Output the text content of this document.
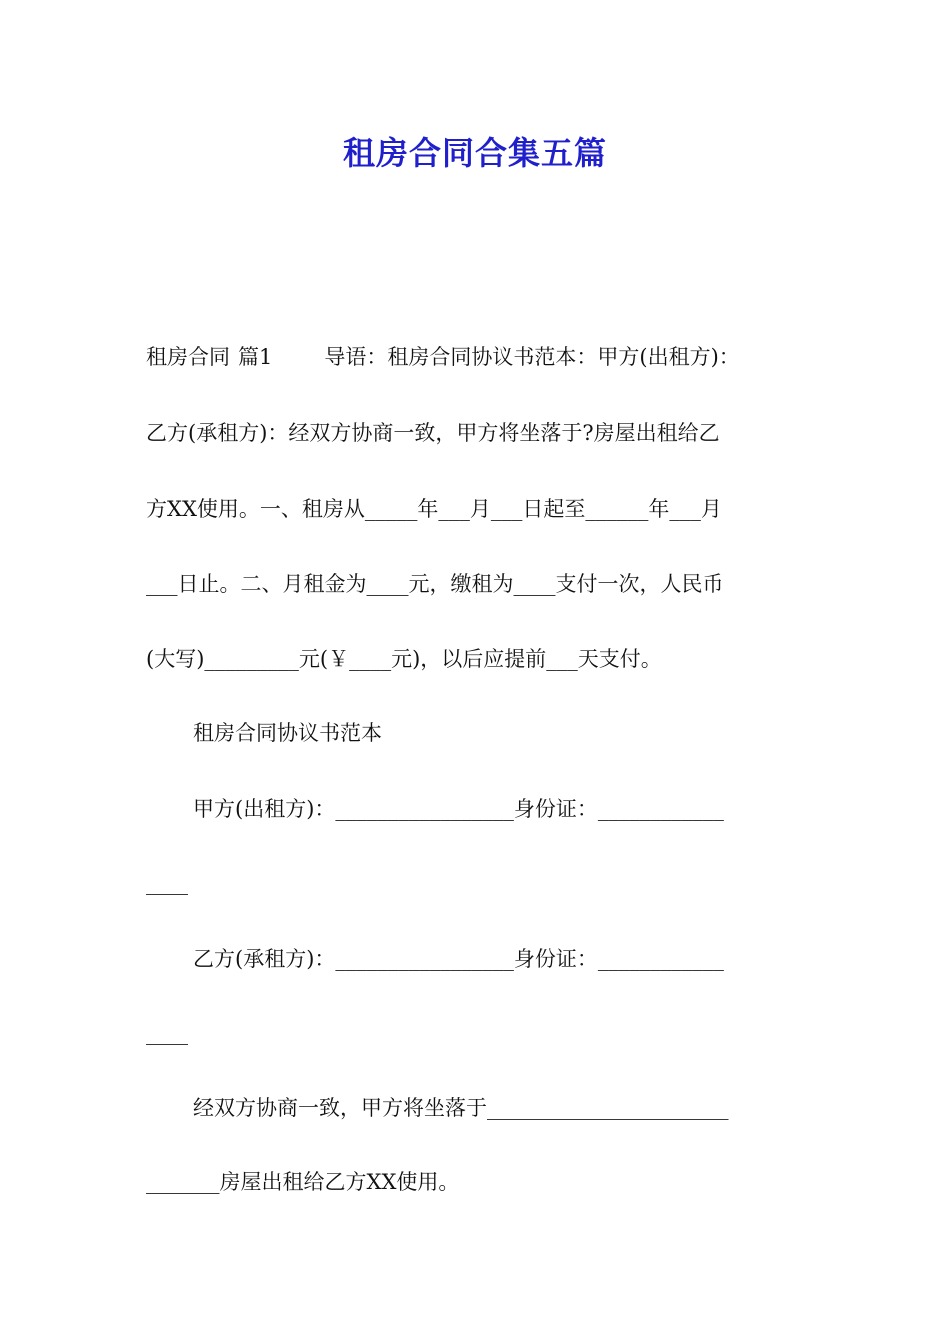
租房合同合集五篇

租房合同 篇1 导语：租房合同协议书范本：甲方(出租方)：

乙方(承租方)：经双方协商一致，甲方将坐落于?房屋出租给乙

方XX使用。一、租房从_____年___月___日起至______年___月

___日止。二、月租金为____元，缴租为____支付一次，人民币

(大写)_________元(￥____元)，以后应提前___天支付。

租房合同协议书范本

甲方(出租方)：_________________身份证：____________

____

乙方(承租方)：_________________身份证：____________

____

经双方协商一致，甲方将坐落于_______________________

_______房屋出租给乙方XX使用。
